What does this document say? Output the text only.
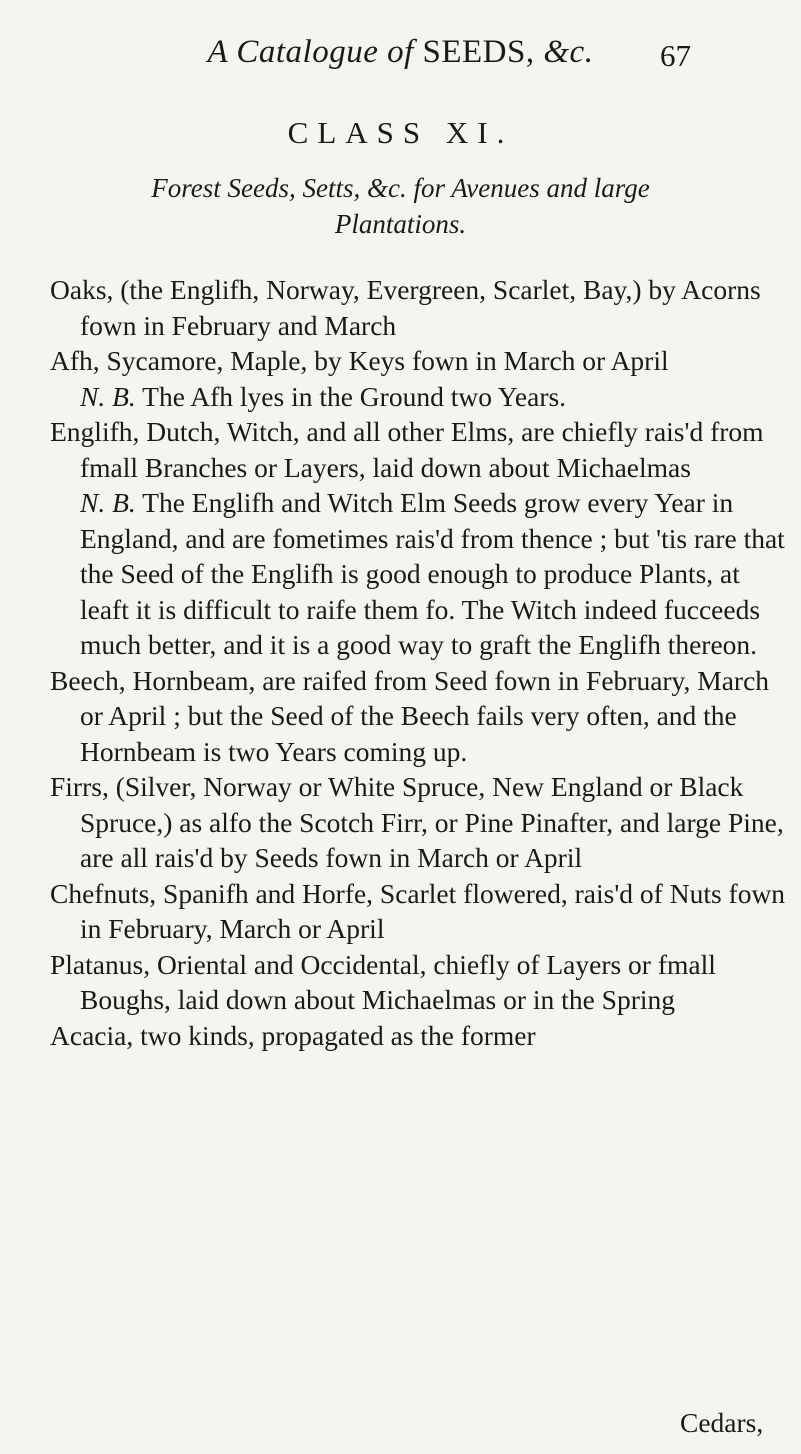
A Catalogue of SEEDS, &c.	67
CLASS XI.
Forest Seeds, Setts, &c. for Avenues and large
Plantations.

Oaks, (the Englifh, Norway, Evergreen, Scarlet, Bay,) by Acorns fown in February and March

Afh, Sycamore, Maple, by Keys fown in March or April

N. B. The Afh lyes in the Ground two Years.

Englifh, Dutch, Witch, and all other Elms, are chiefly rais'd from fmall Branches or Layers, laid down about Michaelmas

N. B. The Englifh and Witch Elm Seeds grow every Year in England, and are fometimes rais'd from thence ; but 'tis rare that the Seed of the Englifh is good enough to produce Plants, at leaft it is difficult to raife them fo. The Witch indeed fucceeds much better, and it is a good way to graft the Englifh thereon.

Beech, Hornbeam, are raifed from Seed fown in February, March or April ; but the Seed of the Beech fails very often, and the Hornbeam is two Years coming up.

Firrs, (Silver, Norway or White Spruce, New England or Black Spruce,) as alfo the Scotch Firr, or Pine Pinafter, and large Pine, are all rais'd by Seeds fown in March or April

Chefnuts, Spanifh and Horfe, Scarlet flowered, rais'd of Nuts fown in February, March or April

Platanus, Oriental and Occidental, chiefly of Layers or fmall Boughs, laid down about Michaelmas or in the Spring

Acacia, two kinds, propagated as the former

Cedars,
